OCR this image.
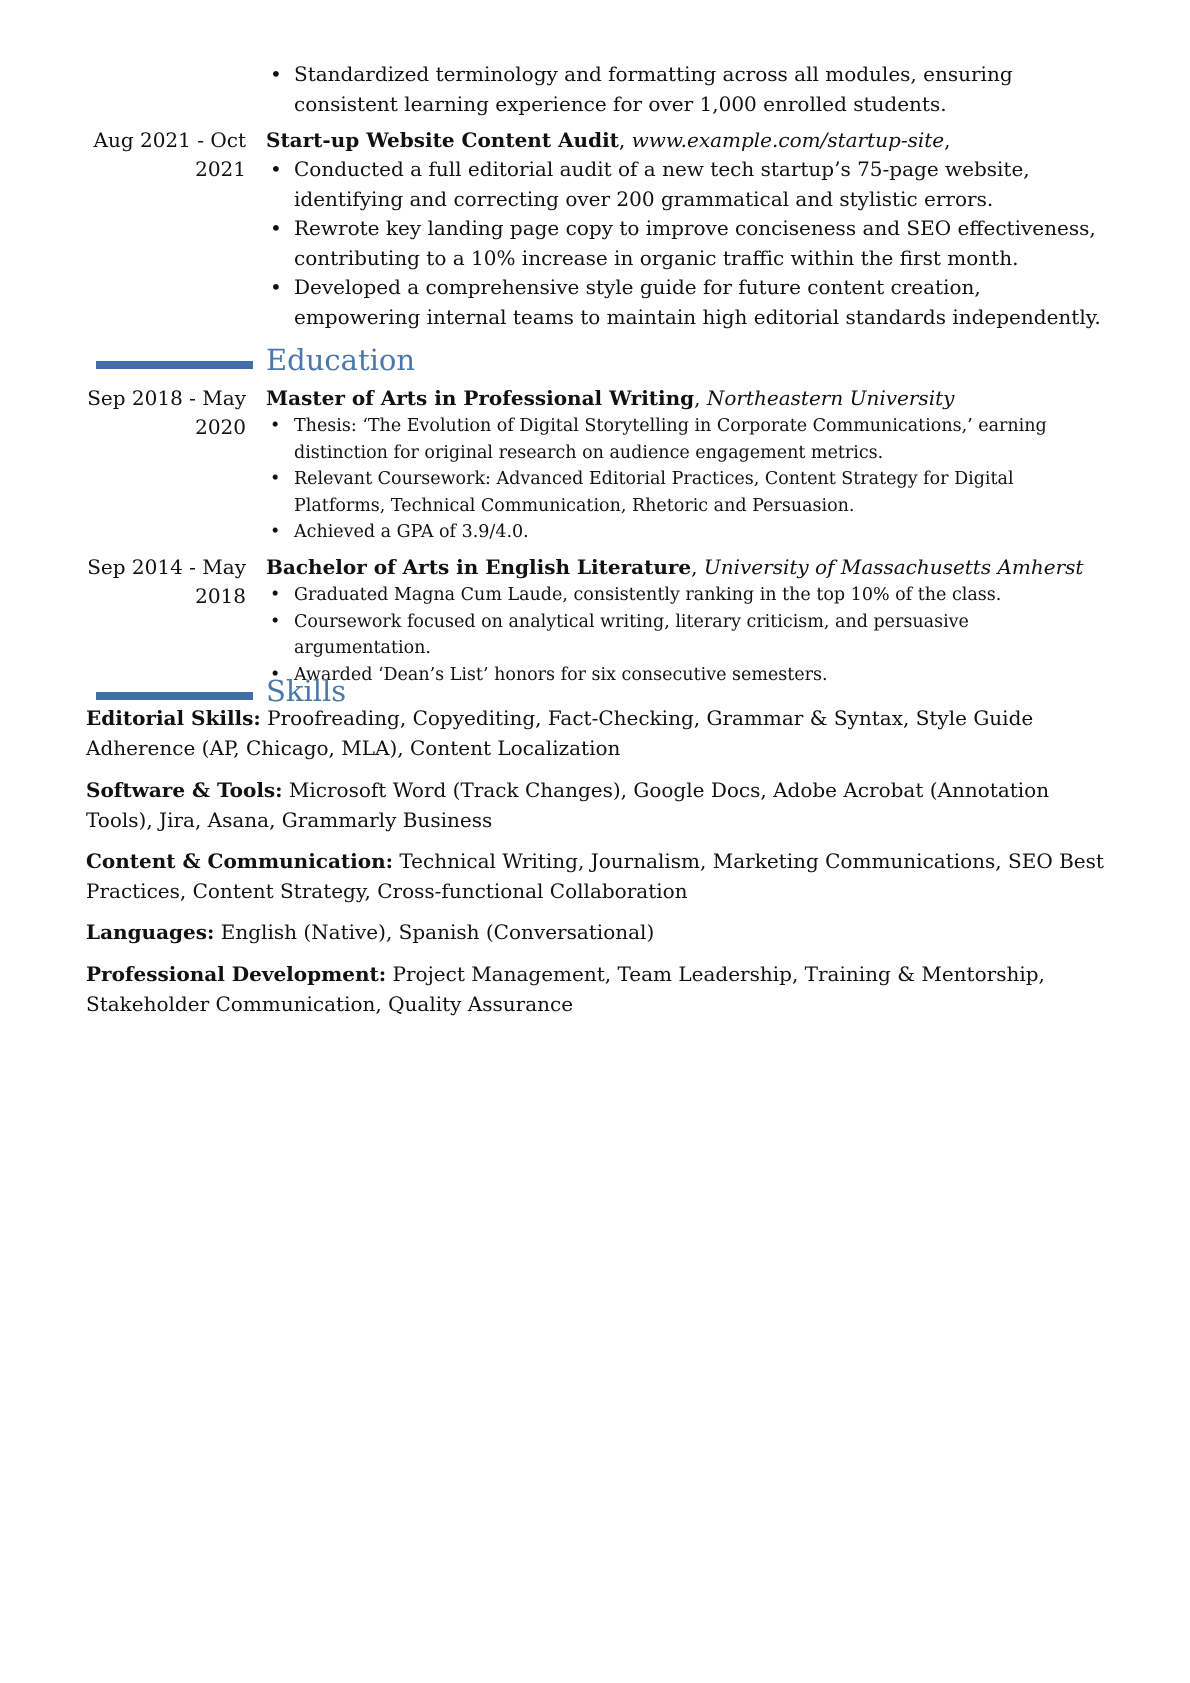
• Standardized terminology and formatting across all modules, ensuring consistent learning experience for over 1,000 enrolled students.
Aug 2021 - Oct
2021
Start-up Website Content Audit, www.example.com/startup-site,
• Conducted a full editorial audit of a new tech startup’s 75-page website, identifying and correcting over 200 grammatical and stylistic errors.
• Rewrote key landing page copy to improve conciseness and SEO effectiveness, contributing to a 10% increase in organic traffic within the first month.
• Developed a comprehensive style guide for future content creation, empowering internal teams to maintain high editorial standards independently.
Education
Sep 2018 - May
2020
Master of Arts in Professional Writing, Northeastern University
• Thesis: ‘The Evolution of Digital Storytelling in Corporate Communications,’ earning distinction for original research on audience engagement metrics.
• Relevant Coursework: Advanced Editorial Practices, Content Strategy for Digital Platforms, Technical Communication, Rhetoric and Persuasion.
• Achieved a GPA of 3.9/4.0.
Sep 2014 - May
2018
Bachelor of Arts in English Literature, University of Massachusetts Amherst
• Graduated Magna Cum Laude, consistently ranking in the top 10% of the class.
• Coursework focused on analytical writing, literary criticism, and persuasive argumentation.
• Awarded ‘Dean’s List’ honors for six consecutive semesters.
Skills
Editorial Skills: Proofreading, Copyediting, Fact-Checking, Grammar & Syntax, Style Guide Adherence (AP, Chicago, MLA), Content Localization
Software & Tools: Microsoft Word (Track Changes), Google Docs, Adobe Acrobat (Annotation Tools), Jira, Asana, Grammarly Business
Content & Communication: Technical Writing, Journalism, Marketing Communications, SEO Best Practices, Content Strategy, Cross-functional Collaboration
Languages: English (Native), Spanish (Conversational)
Professional Development: Project Management, Team Leadership, Training & Mentorship, Stakeholder Communication, Quality Assurance
